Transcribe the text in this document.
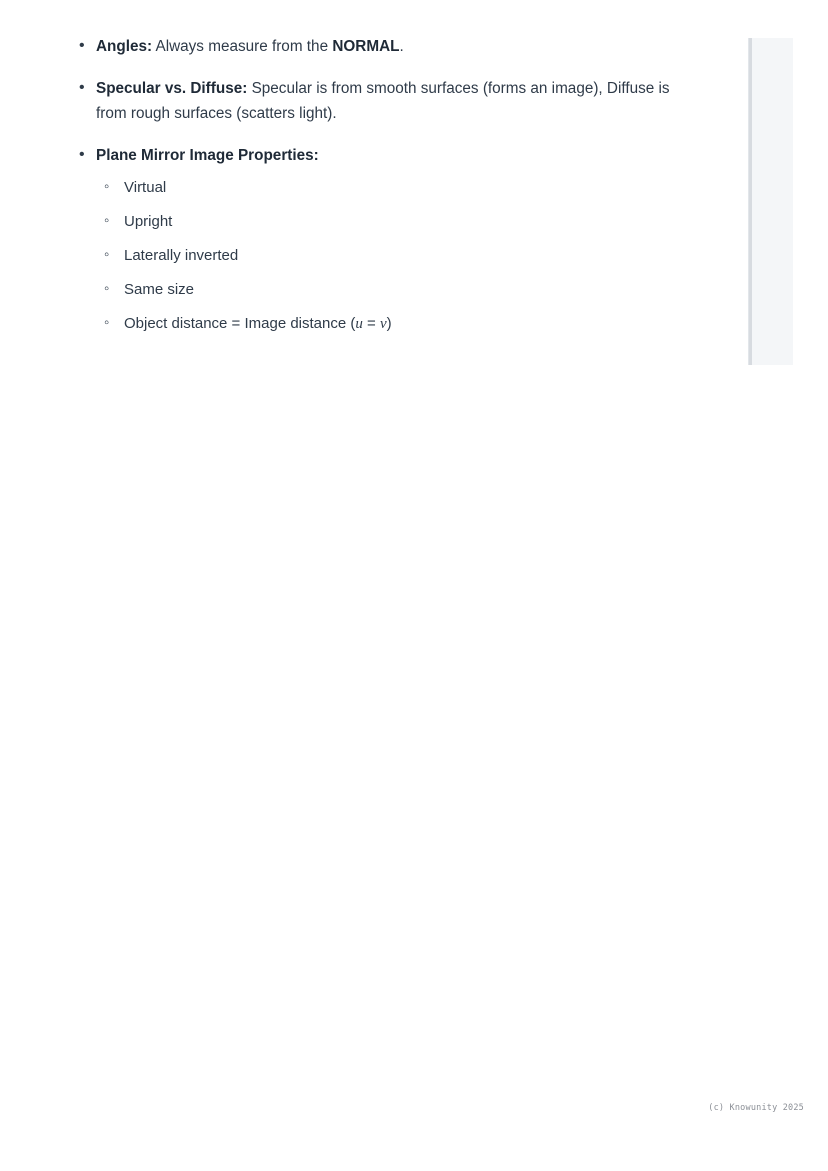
• Angles: Always measure from the NORMAL.
• Specular vs. Diffuse: Specular is from smooth surfaces (forms an image), Diffuse is from rough surfaces (scatters light).
• Plane Mirror Image Properties:
◦ Virtual
◦ Upright
◦ Laterally inverted
◦ Same size
◦ Object distance = Image distance (u = v)
(c) Knowunity 2025
